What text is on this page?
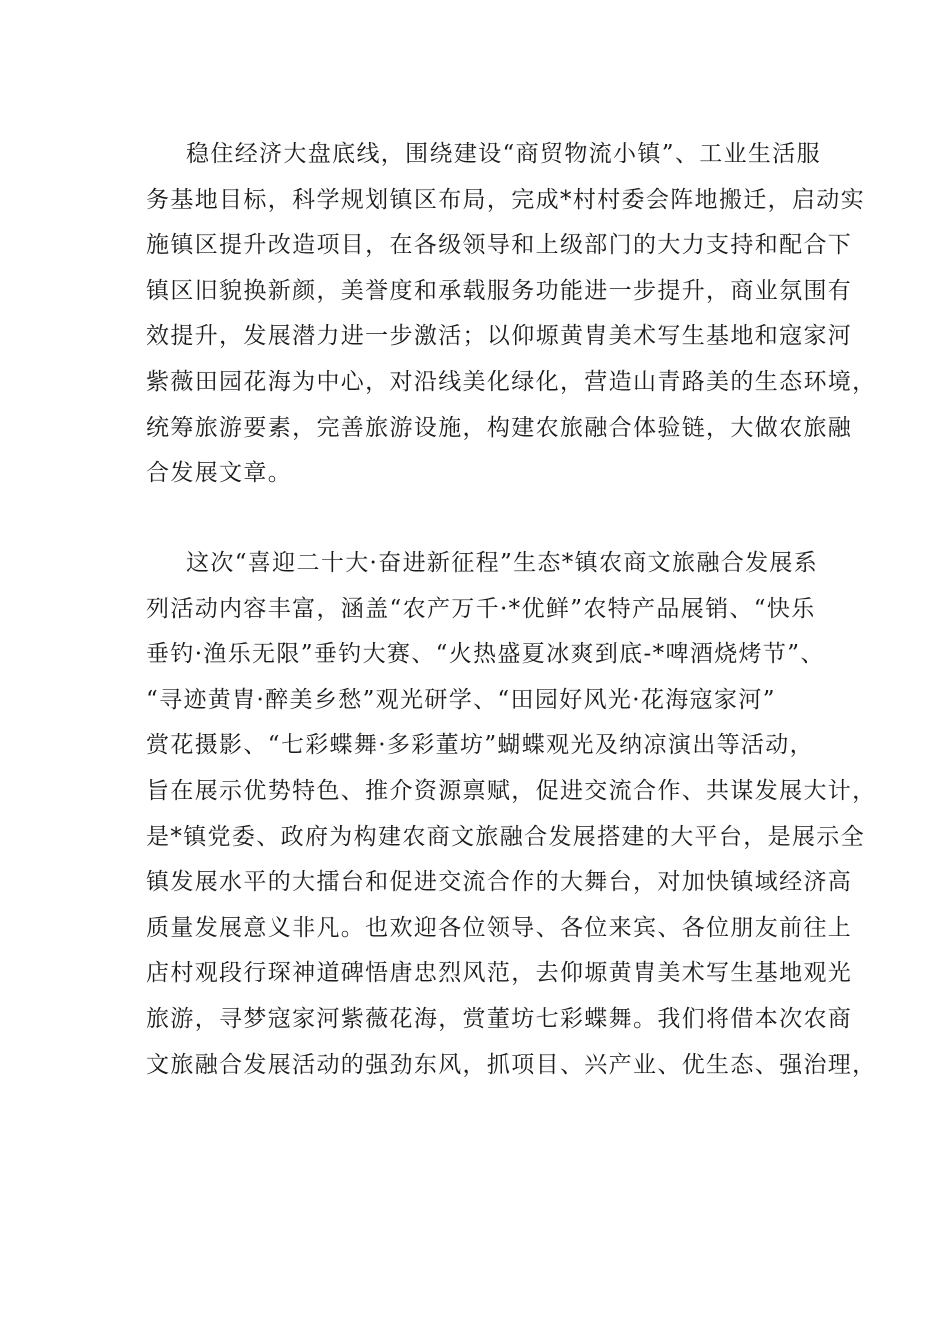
稳住经济大盘底线，围绕建设“商贸物流小镇”、工业生活服
务基地目标，科学规划镇区布局，完成*村村委会阵地搬迁，启动实
施镇区提升改造项目，在各级领导和上级部门的大力支持和配合下
镇区旧貌换新颜，美誉度和承载服务功能进一步提升，商业氛围有
效提升，发展潜力进一步激活；以仰塬黄胄美术写生基地和寇家河
紫薇田园花海为中心，对沿线美化绿化，营造山青路美的生态环境，
统筹旅游要素，完善旅游设施，构建农旅融合体验链，大做农旅融
合发展文章。
这次“喜迎二十大·奋进新征程”生态*镇农商文旅融合发展系
列活动内容丰富，涵盖“农产万千·*优鲜”农特产品展销、“快乐
垂钓·渔乐无限”垂钓大赛、“火热盛夏冰爽到底-*啤酒烧烤节”、
“寻迹黄胄·醉美乡愁”观光研学、“田园好风光·花海寇家河”
赏花摄影、“七彩蝶舞·多彩董坊”蝴蝶观光及纳凉演出等活动，
旨在展示优势特色、推介资源禀赋，促进交流合作、共谋发展大计，
是*镇党委、政府为构建农商文旅融合发展搭建的大平台，是展示全
镇发展水平的大擂台和促进交流合作的大舞台，对加快镇域经济高
质量发展意义非凡。也欢迎各位领导、各位来宾、各位朋友前往上
店村观段行琛神道碑悟唐忠烈风范，去仰塬黄胄美术写生基地观光
旅游，寻梦寇家河紫薇花海，赏董坊七彩蝶舞。我们将借本次农商
文旅融合发展活动的强劲东风，抓项目、兴产业、优生态、强治理，
